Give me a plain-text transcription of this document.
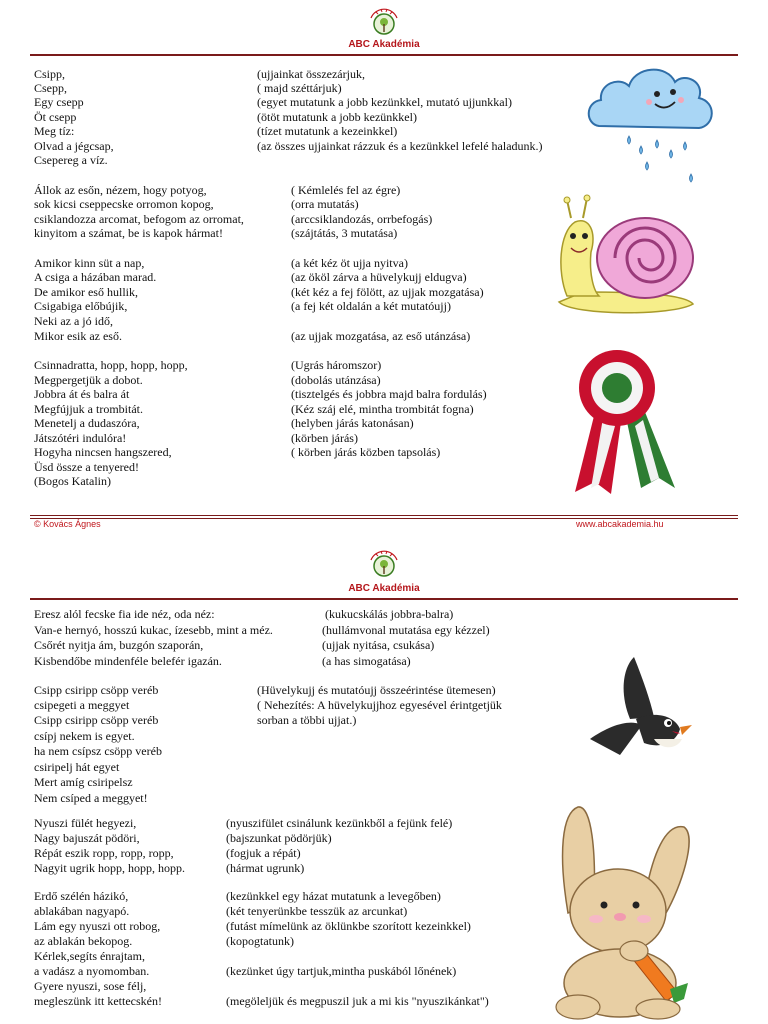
ABC Akadémia
Csipp,
Csepp,
Egy csepp
Öt csepp
Meg tíz:
Olvad a jégcsap,
Csepereg a víz.
(ujjainkat összezárjuk,
( majd széttárjuk)
(egyet mutatunk a jobb kezünkkel, mutató ujjunkkal)
(ötöt mutatunk a jobb kezünkkel)
(tízet mutatunk a kezeinkkel)
(az összes ujjainkat rázzuk és a kezünkkel lefelé haladunk.)
Állok az esőn, nézem, hogy potyog,
sok kicsi cseppecske orromon kopog,
csiklandozza arcomat, befogom az orromat,
kinyitom a számat, be is kapok hármat!
( Kémlelés fel az égre)
(orra mutatás)
(arccsiklandozás, orrbefogás)
(szájtátás, 3 mutatása)
Amikor kinn süt a nap,
A csiga a házában marad.
De amikor eső hullik,
Csigabiga előbújik,
Neki az a jó idő,
Mikor esik az eső.
(a két kéz öt ujja nyitva)
(az ököl zárva a hüvelykujj eldugva)
(két kéz a fej fölött, az ujjak mozgatása)
(a fej két oldalán a két mutatóujj)
(az ujjak mozgatása, az eső utánzása)
Csinnadratta, hopp, hopp, hopp,
Megpergetjük a dobot.
Jobbra át és balra át
Megfújjuk a trombitát.
Menetelj a dudaszóra,
Játszótéri indulóra!
Hogyha nincsen hangszered,
Üsd össze a tenyered!
(Bogos Katalin)
(Ugrás háromszor)
(dobolás utánzása)
(tisztelgés és jobbra majd balra fordulás)
(Kéz száj elé, mintha trombitát fogna)
(helyben járás katonásan)
(körben járás)
( körben járás közben tapsolás)
© Kovács Ágnes	www.abcakademia.hu
ABC Akadémia
Eresz alól fecske fia ide néz, oda néz:
Van-e hernyó, hosszú kukac, ízesebb, mint a méz.
Csőrét nyitja ám, buzgón szaporán,
Kisbendőbe mindenféle belefér igazán.
(kukucskálás jobbra-balra)
(hullámvonal mutatása egy kézzel)
(ujjak nyitása, csukása)
(a has simogatása)
Csipp csiripp csöpp veréb
csipegeti a meggyet
Csipp csiripp csöpp veréb
csípj nekem is egyet.
ha nem csípsz csöpp veréb
csiripelj hát egyet
Mert amíg csiripelsz
Nem csíped a meggyet!
(Hüvelykujj és mutatóujj összeérintése ütemesen)
( Nehezítés: A hüvelykujjhoz egyesével érintgetjük
sorban a többi ujjat.)
Nyuszi fülét hegyezi,
Nagy bajuszát pödöri,
Répát eszik ropp, ropp, ropp,
Nagyit ugrik hopp, hopp, hopp.
(nyuszifület csinálunk kezünkből a fejünk felé)
(bajszunkat pödörjük)
(fogjuk a répát)
(hármat ugrunk)
Erdő szélén házikó,
ablakában nagyapó.
Lám egy nyuszi ott robog,
az ablakán bekopog.
Kérlek,segíts énrajtam,
a vadász a nyomomban.
Gyere nyuszi, sose félj,
megleszünk itt kettecskén!
(kezünkkel egy házat mutatunk a levegőben)
(két tenyerünkbe tesszük az arcunkat)
(futást mímelünk az öklünkbe szorított kezeinkkel)
(kopogtatunk)
(kezünket úgy tartjuk,mintha puskából lőnének)
(megöleljük és megpuszil juk a mi kis "nyuszikánkat")
